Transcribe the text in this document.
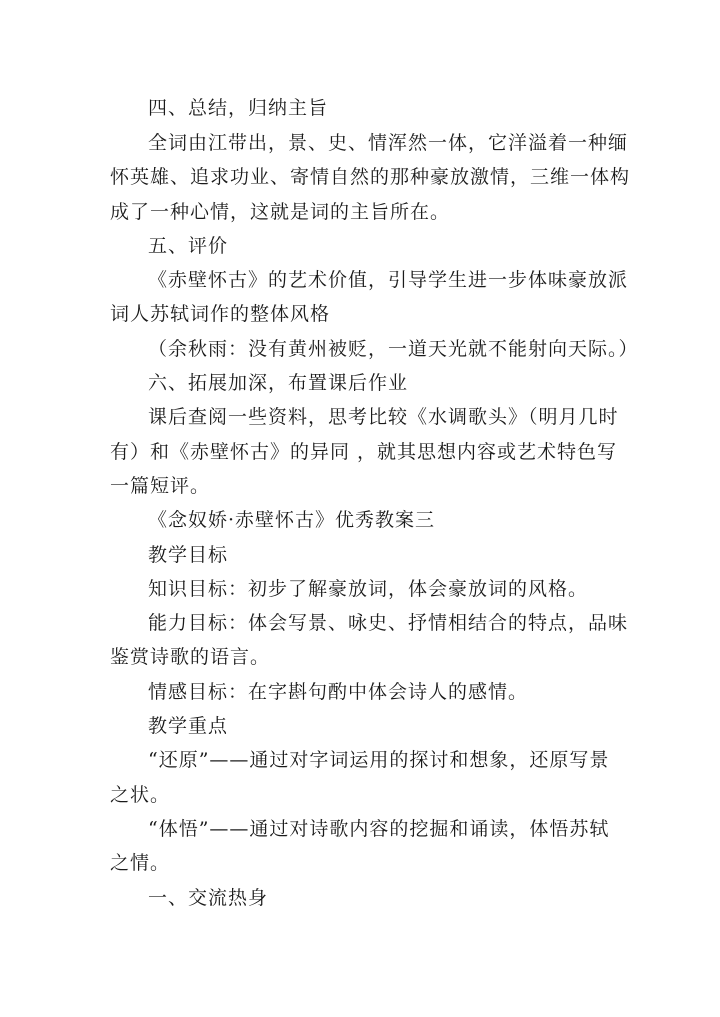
四、总结，归纳主旨
全词由江带出，景、史、情浑然一体，它洋溢着一种缅
怀英雄、追求功业、寄情自然的那种豪放激情，三维一体构
成了一种心情，这就是词的主旨所在。
五、评价
《赤壁怀古》的艺术价值，引导学生进一步体味豪放派
词人苏轼词作的整体风格
（余秋雨：没有黄州被贬，一道天光就不能射向天际。）
六、拓展加深，布置课后作业
课后查阅一些资料，思考比较《水调歌头》（明月几时
有）和《赤壁怀古》的异同 ，就其思想内容或艺术特色写
一篇短评。
《念奴娇·赤壁怀古》优秀教案三
教学目标
知识目标：初步了解豪放词，体会豪放词的风格。
能力目标：体会写景、咏史、抒情相结合的特点，品味
鉴赏诗歌的语言。
情感目标：在字斟句酌中体会诗人的感情。
教学重点
“还原”——通过对字词运用的探讨和想象，还原写景
之状。
“体悟”——通过对诗歌内容的挖掘和诵读，体悟苏轼
之情。
一、交流热身
